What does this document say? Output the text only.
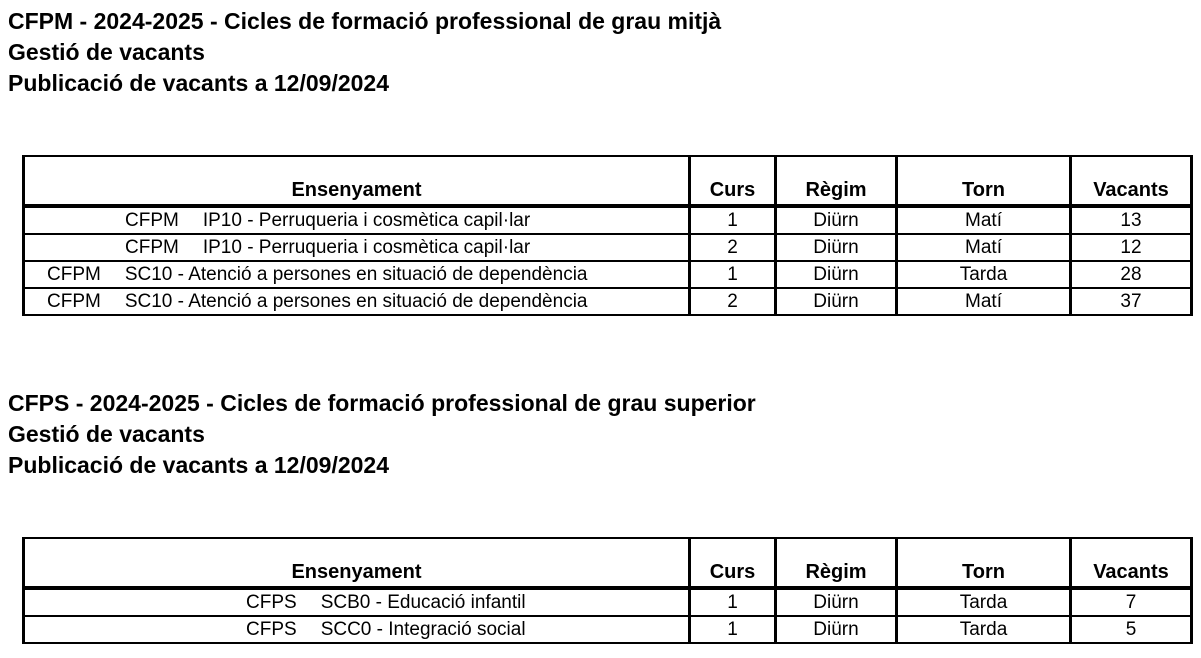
CFPM - 2024-2025 - Cicles de formació professional de grau mitjà
Gestió de vacants
Publicació de vacants a 12/09/2024
Ensenyament	Curs	Règim	Torn	Vacants
CFPM IP10 - Perruqueria i cosmètica capil·lar	1	Diürn	Matí	13
CFPM IP10 - Perruqueria i cosmètica capil·lar	2	Diürn	Matí	12
CFPM SC10 - Atenció a persones en situació de dependència	1	Diürn	Tarda	28
CFPM SC10 - Atenció a persones en situació de dependència	2	Diürn	Matí	37
CFPS - 2024-2025 - Cicles de formació professional de grau superior
Gestió de vacants
Publicació de vacants a 12/09/2024
Ensenyament	Curs	Règim	Torn	Vacants
CFPS SCB0 - Educació infantil	1	Diürn	Tarda	7
CFPS SCC0 - Integració social	1	Diürn	Tarda	5
